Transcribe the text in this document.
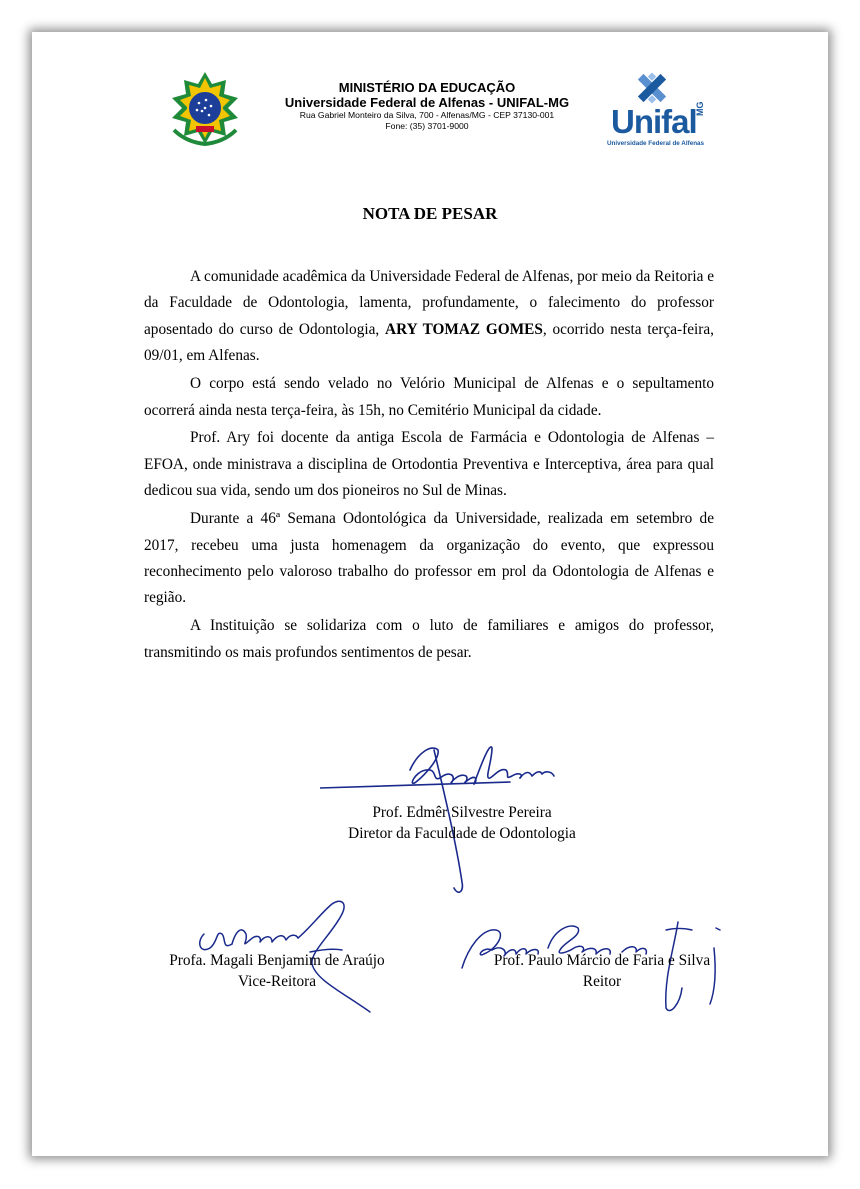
MINISTÉRIO DA EDUCAÇÃO
Universidade Federal de Alfenas - UNIFAL-MG
Rua Gabriel Monteiro da Silva, 700 - Alfenas/MG - CEP 37130-001
Fone: (35) 3701-9000	Unifal
MG
Universidade Federal de Alfenas
NOTA DE PESAR

A comunidade acadêmica da Universidade Federal de Alfenas, por meio da Reitoria e da Faculdade de Odontologia, lamenta, profundamente, o falecimento do professor aposentado do curso de Odontologia, ARY TOMAZ GOMES, ocorrido nesta terça-feira, 09/01, em Alfenas.

O corpo está sendo velado no Velório Municipal de Alfenas e o sepultamento ocorrerá ainda nesta terça-feira, às 15h, no Cemitério Municipal da cidade.

Prof. Ary foi docente da antiga Escola de Farmácia e Odontologia de Alfenas – EFOA, onde ministrava a disciplina de Ortodontia Preventiva e Interceptiva, área para qual dedicou sua vida, sendo um dos pioneiros no Sul de Minas.

Durante a 46ª Semana Odontológica da Universidade, realizada em setembro de 2017, recebeu uma justa homenagem da organização do evento, que expressou reconhecimento pelo valoroso trabalho do professor em prol da Odontologia de Alfenas e região.

A Instituição se solidariza com o luto de familiares e amigos do professor, transmitindo os mais profundos sentimentos de pesar.

Prof. Edmêr Silvestre Pereira
Diretor da Faculdade de Odontologia
Profa. Magali Benjamim de Araújo
Vice-Reitora
Prof. Paulo Márcio de Faria e Silva
Reitor
